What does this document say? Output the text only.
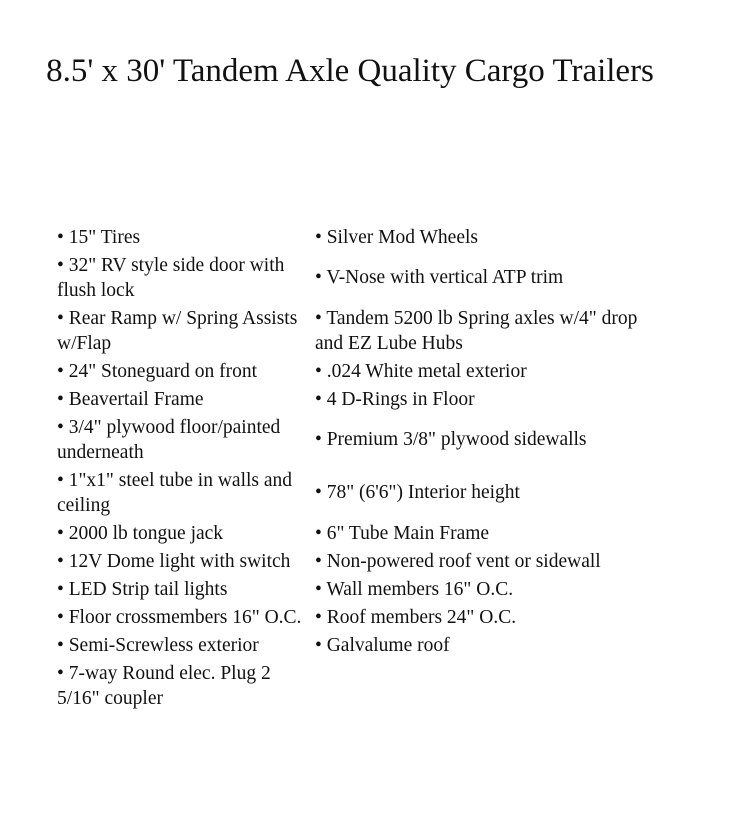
8.5' x 30' Tandem Axle Quality Cargo Trailers
• 15" Tires	• Silver Mod Wheels
• 32" RV style side door with flush lock	• V-Nose with vertical ATP trim
• Rear Ramp w/ Spring Assists w/Flap	• Tandem 5200 lb Spring axles w/4" drop and EZ Lube Hubs
• 24" Stoneguard on front	• .024 White metal exterior
• Beavertail Frame	• 4 D-Rings in Floor
• 3/4" plywood floor/painted underneath	• Premium 3/8" plywood sidewalls
• 1"x1" steel tube in walls and ceiling	• 78" (6'6") Interior height
• 2000 lb tongue jack	• 6" Tube Main Frame
• 12V Dome light with switch	• Non-powered roof vent or sidewall
• LED Strip tail lights	• Wall members 16" O.C.
• Floor crossmembers 16" O.C.	• Roof members 24" O.C.
• Semi-Screwless exterior	• Galvalume roof
• 7-way Round elec. Plug 2 5/16" coupler	
